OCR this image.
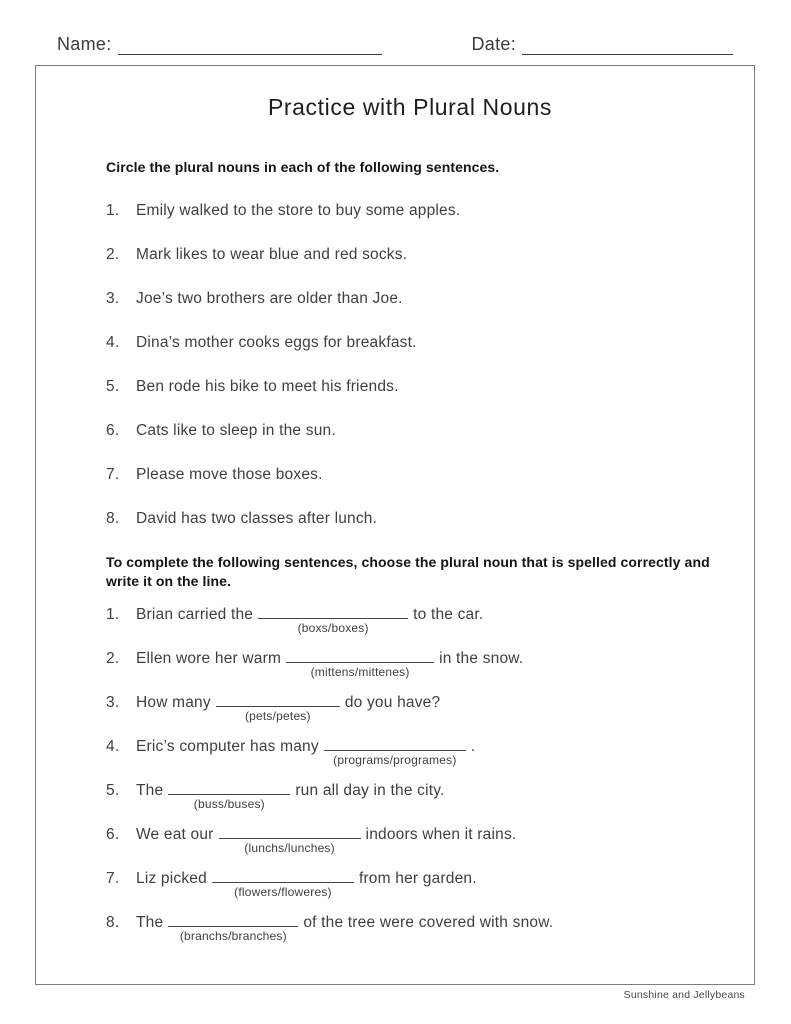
Name:	Date:
Practice with Plural Nouns
Circle the plural nouns in each of the following sentences.
1.	Emily walked to the store to buy some apples.
2.	Mark likes to wear blue and red socks.
3.	Joe’s two brothers are older than Joe.
4.	Dina’s mother cooks eggs for breakfast.
5.	Ben rode his bike to meet his friends.
6.	Cats like to sleep in the sun.
7.	Please move those boxes.
8.	David has two classes after lunch.
To complete the following sentences, choose the plural noun that is spelled correctly and write it on the line.
1.	Brian carried the
(boxs/boxes)
to the car.
2.	Ellen wore her warm
(mittens/mittenes)
in the snow.
3.	How many
(pets/petes)
do you have?
4.	Eric’s computer has many
(programs/programes)
.
5.	The
(buss/buses)
run all day in the city.
6.	We eat our
(lunchs/lunches)
indoors when it rains.
7.	Liz picked
(flowers/floweres)
from her garden.
8.	The
(branchs/branches)
of the tree were covered with snow.
Sunshine and Jellybeans
